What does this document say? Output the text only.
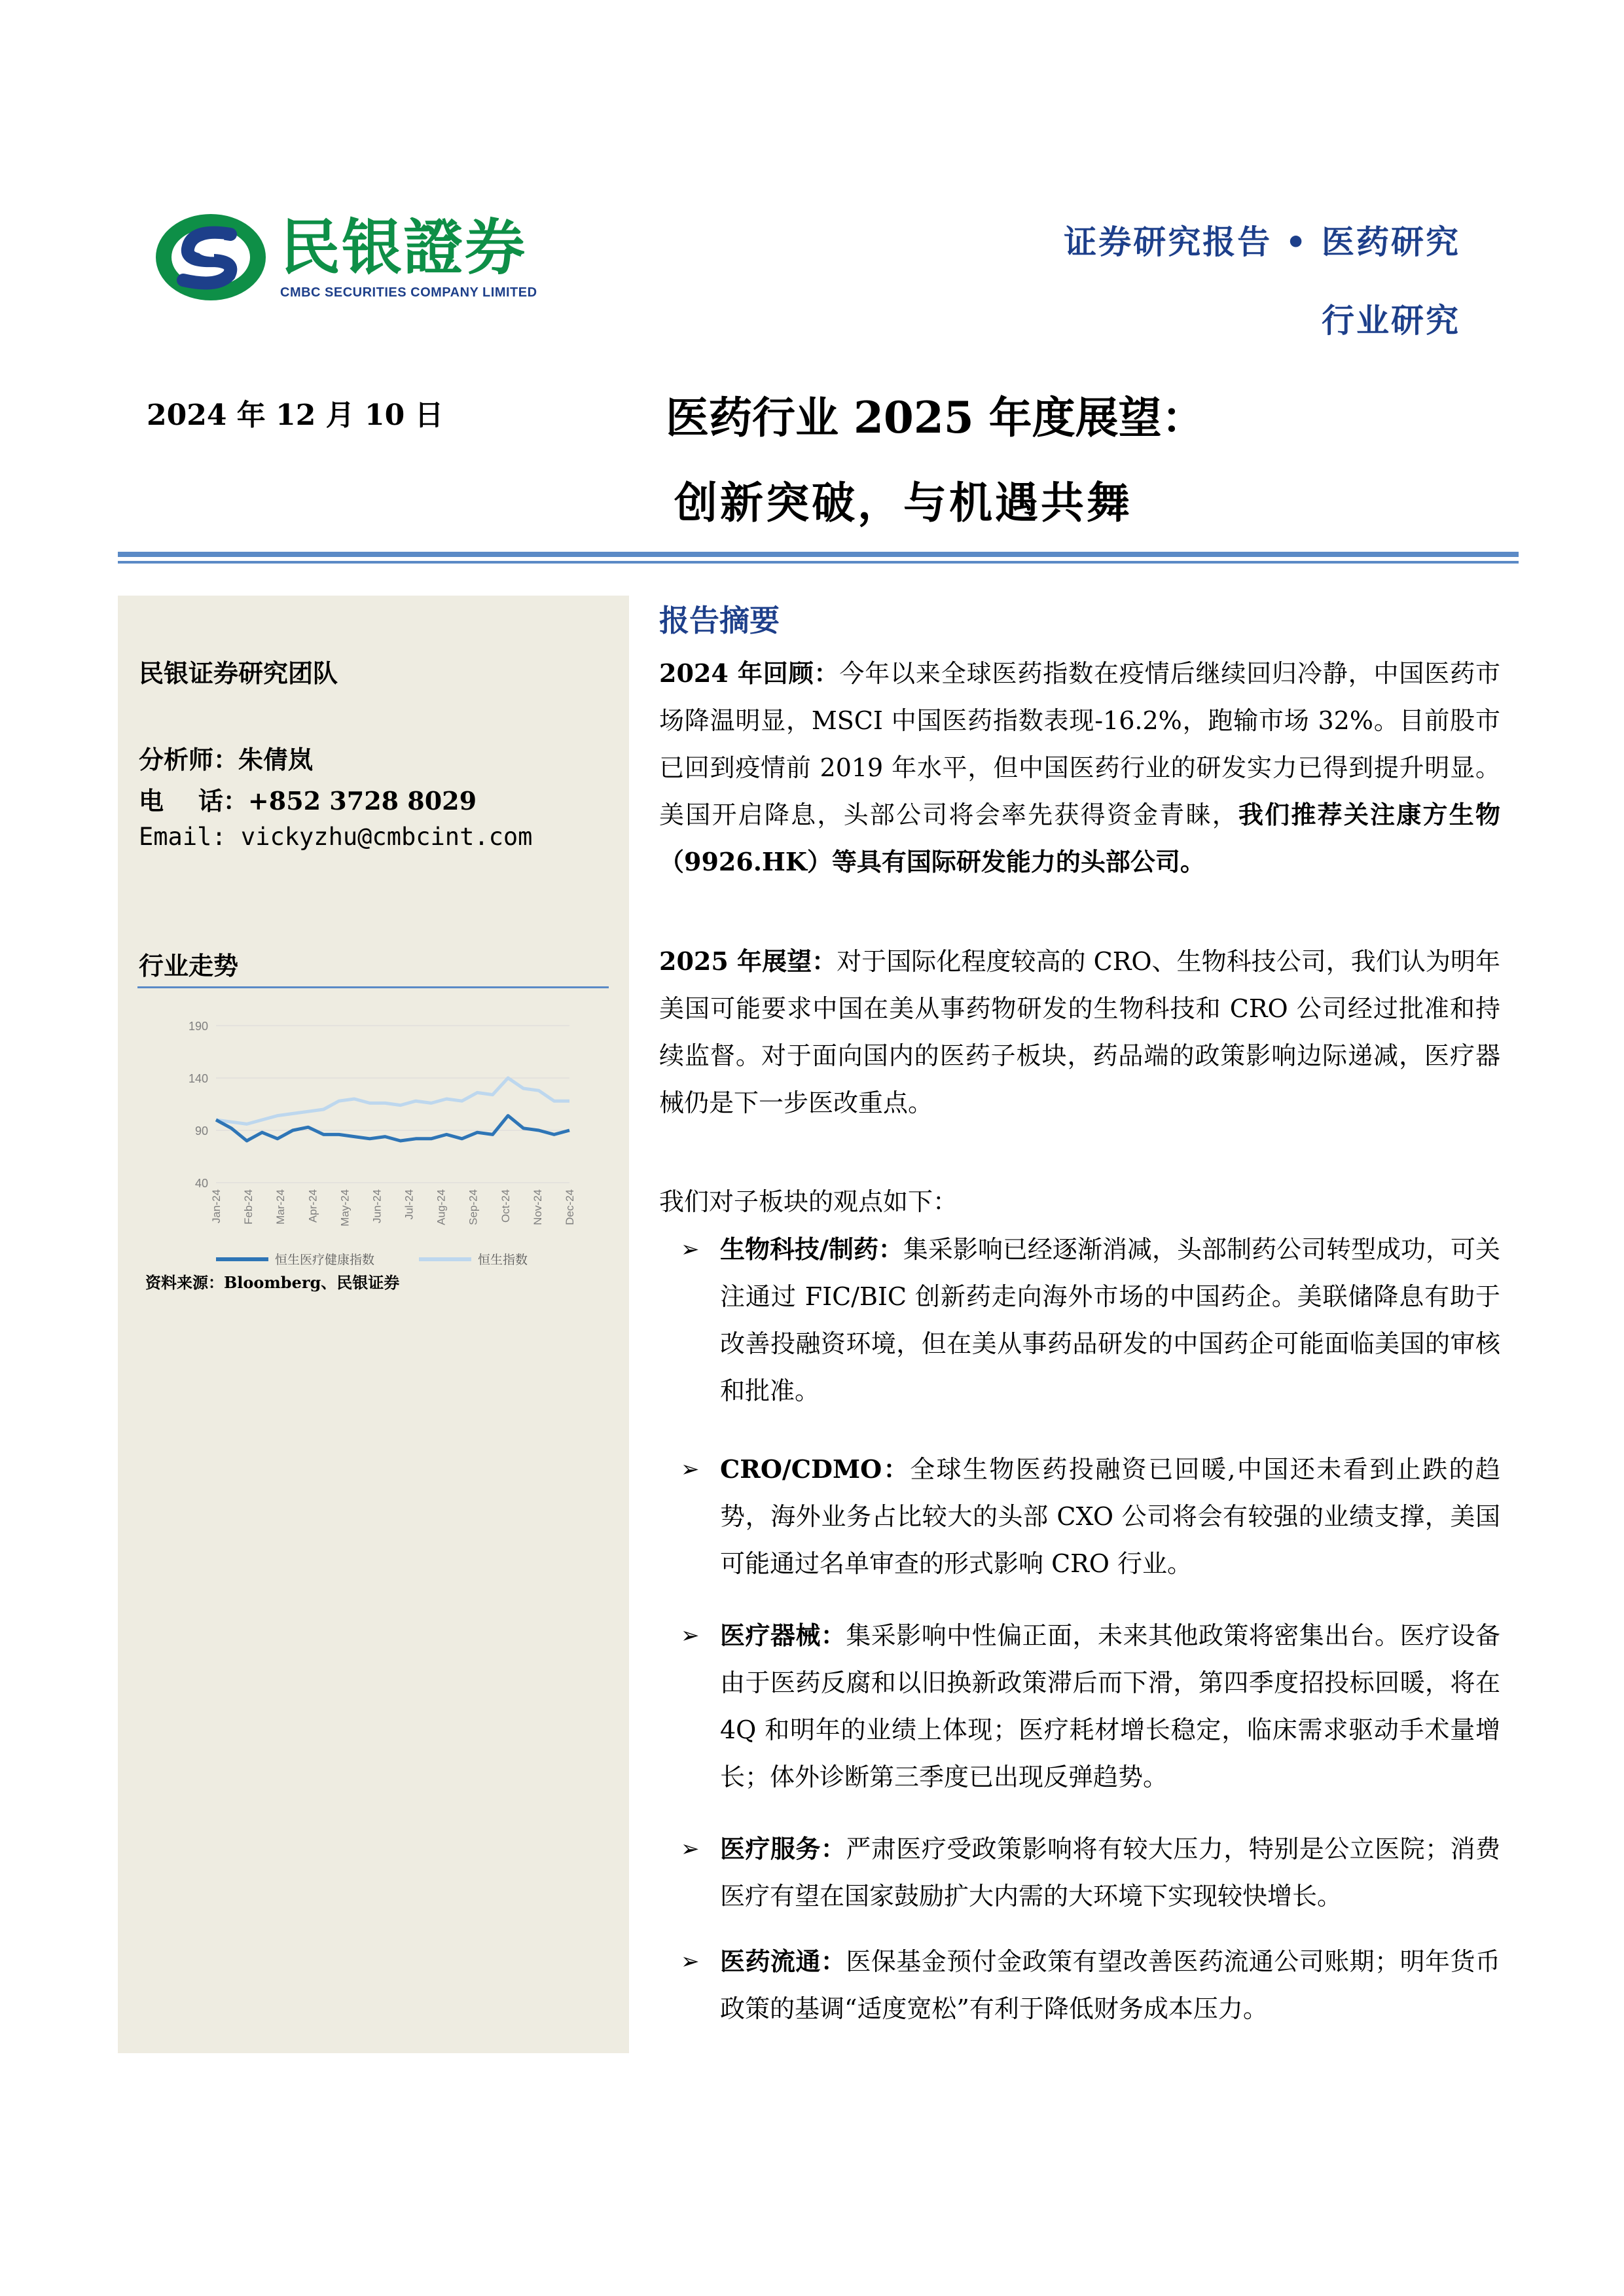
民银證券
CMBC SECURITIES COMPANY LIMITED
证券研究报告 • 医药研究
行业研究
2024 年 12 月 10 日	医药行业 2025 年度展望：
创新突破，与机遇共舞
民银证券研究团队
分析师：朱倩岚
电    话：+852 3728 8029
Email: vickyzhu@cmbcint.com
行业走势
190
140
90
40
Jan-24 Feb-24 Mar-24 Apr-24 May-24 Jun-24 Jul-24 Aug-24 Sep-24 Oct-24 Nov-24 Dec-24
恒生医疗健康指数	恒生指数
资料来源：Bloomberg、民银证券
报告摘要
2024 年回顾：今年以来全球医药指数在疫情后继续回归冷静，中国医药市场降温明显，MSCI 中国医药指数表现-16.2%，跑输市场 32%。目前股市已回到疫情前 2019 年水平，但中国医药行业的研发实力已得到提升明显。美国开启降息，头部公司将会率先获得资金青睐，我们推荐关注康方生物（9926.HK）等具有国际研发能力的头部公司。
2025 年展望：对于国际化程度较高的 CRO、生物科技公司，我们认为明年美国可能要求中国在美从事药物研发的生物科技和 CRO 公司经过批准和持续监督。对于面向国内的医药子板块，药品端的政策影响边际递减，医疗器械仍是下一步医改重点。
我们对子板块的观点如下：
➢ 生物科技/制药：集采影响已经逐渐消减，头部制药公司转型成功，可关注通过 FIC/BIC 创新药走向海外市场的中国药企。美联储降息有助于改善投融资环境，但在美从事药品研发的中国药企可能面临美国的审核和批准。
➢ CRO/CDMO：全球生物医药投融资已回暖,中国还未看到止跌的趋势，海外业务占比较大的头部 CXO 公司将会有较强的业绩支撑，美国可能通过名单审查的形式影响 CRO 行业。
➢ 医疗器械：集采影响中性偏正面，未来其他政策将密集出台。医疗设备由于医药反腐和以旧换新政策滞后而下滑，第四季度招投标回暖，将在 4Q 和明年的业绩上体现；医疗耗材增长稳定，临床需求驱动手术量增长；体外诊断第三季度已出现反弹趋势。
➢ 医疗服务：严肃医疗受政策影响将有较大压力，特别是公立医院；消费医疗有望在国家鼓励扩大内需的大环境下实现较快增长。
➢ 医药流通：医保基金预付金政策有望改善医药流通公司账期；明年货币政策的基调“适度宽松”有利于降低财务成本压力。
